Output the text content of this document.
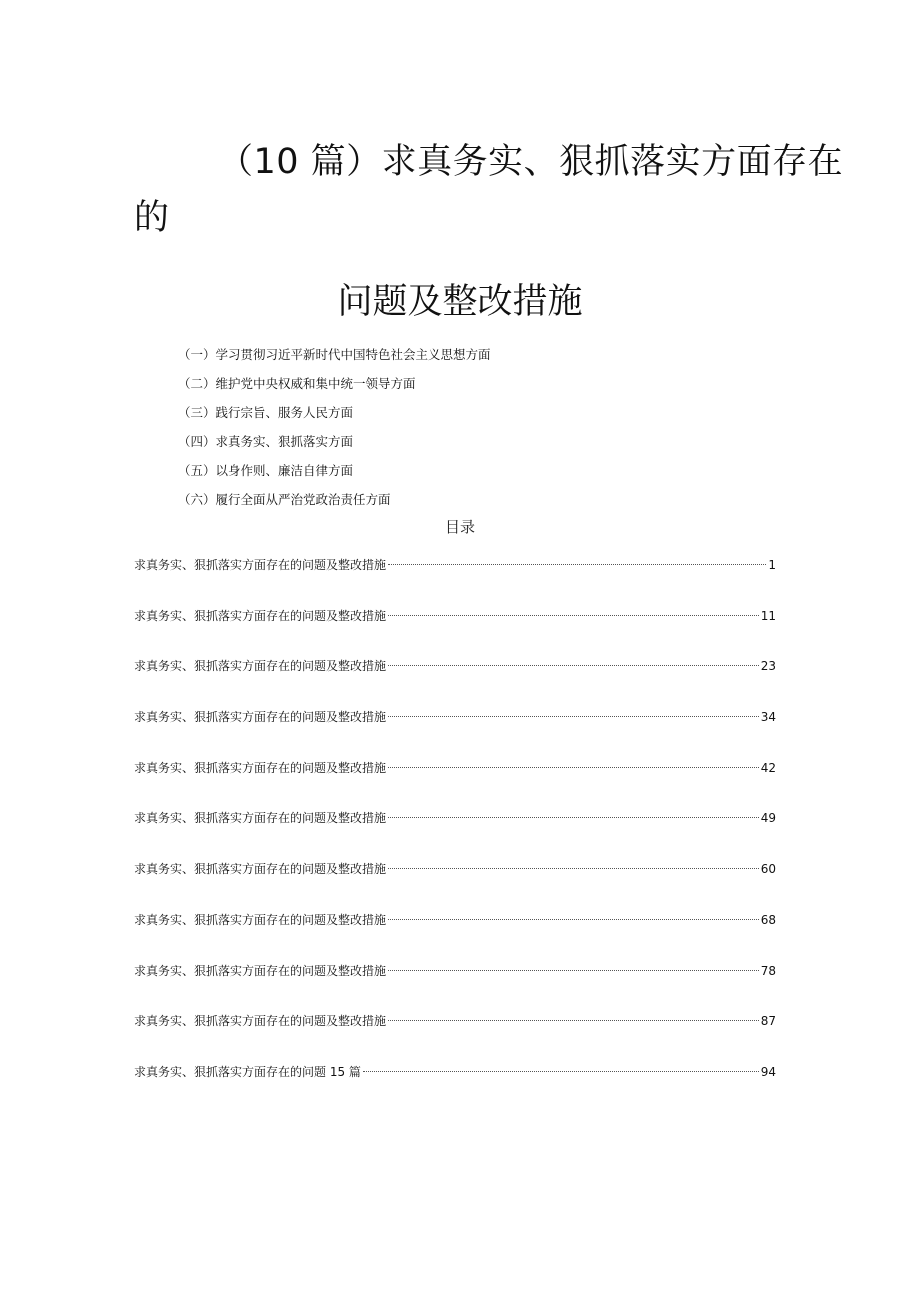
（10 篇）求真务实、狠抓落实方面存在
的
问题及整改措施
（一）学习贯彻习近平新时代中国特色社会主义思想方面
（二）维护党中央权威和集中统一领导方面
（三）践行宗旨、服务人民方面
（四）求真务实、狠抓落实方面
（五）以身作则、廉洁自律方面
（六）履行全面从严治党政治责任方面
目录
求真务实、狠抓落实方面存在的问题及整改措施	1
求真务实、狠抓落实方面存在的问题及整改措施	11
求真务实、狠抓落实方面存在的问题及整改措施	23
求真务实、狠抓落实方面存在的问题及整改措施	34
求真务实、狠抓落实方面存在的问题及整改措施	42
求真务实、狠抓落实方面存在的问题及整改措施	49
求真务实、狠抓落实方面存在的问题及整改措施	60
求真务实、狠抓落实方面存在的问题及整改措施	68
求真务实、狠抓落实方面存在的问题及整改措施	78
求真务实、狠抓落实方面存在的问题及整改措施	87
求真务实、狠抓落实方面存在的问题 15 篇	94
